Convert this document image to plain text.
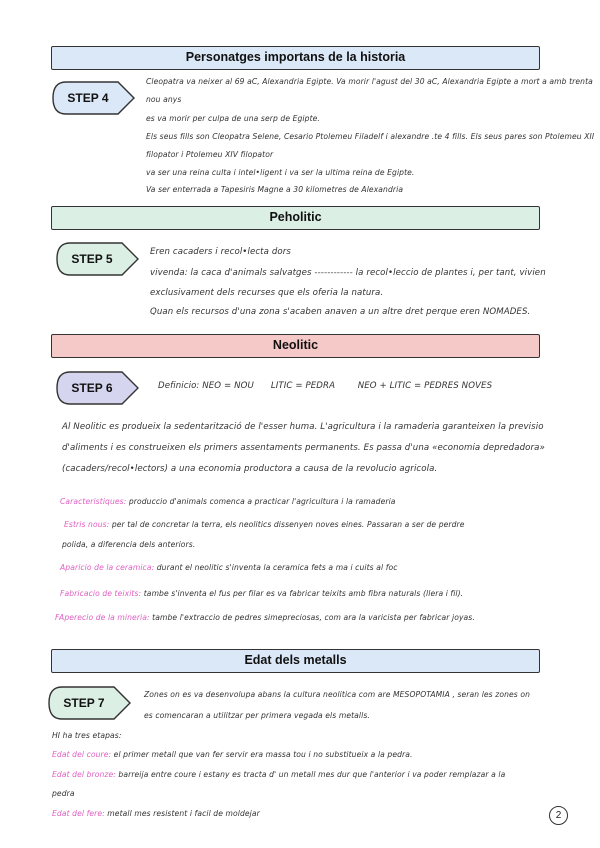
Personatges importans de la historia
Peholitic
Neolitic
Edat dels metalls
STEP 4
STEP 5
STEP 6
STEP 7
Cleopatra va neixer al 69 aC, Alexandria Egipte. Va morir l'agust del 30 aC, Alexandria Egipte a mort a amb trenta
nou anys
es va morir per culpa de una serp de Egipte.
Els seus fills son Cleopatra Selene, Cesario Ptolemeu Filadelf i alexandre .te 4 fills. Els seus pares son Ptolemeu XII
filopator i Ptolemeu XIV filopator
va ser una reina culta i intel•ligent i va ser la ultima reina de Egipte.
Va ser enterrada a Tapesiris Magne a 30 kilometres de Alexandria
Eren cacaders i recol•lecta dors
vivenda: la caca d'animals salvatges ------------ la recol•leccio de plantes i, per tant, vivien
exclusivament dels recurses que els oferia la natura.
Quan els recursos d'una zona s'acaben anaven a un altre dret perque eren NOMADES.
Definicio: NEO = NOU      LITIC = PEDRA        NEO + LITIC = PEDRES NOVES
Al Neolitic es produeix la sedentarització de l'esser huma. L'agricultura i la ramaderia garanteixen la previsio
d'aliments i es construeixen els primers assentaments permanents. Es passa d'una «economia depredadora»
(cacaders/recol•lectors) a una economia productora a causa de la revolucio agricola.
Caracteristiques: produccio d'animals comenca a practicar l'agricultura i la ramaderia
Estris nous: per tal de concretar la terra, els neolitics dissenyen noves eines. Passaran a ser de perdre
polida, a diferencia dels anteriors.
Aparicio de la ceramica: durant el neolitic s'inventa la ceramica fets a ma i cuits al foc
Fabricacio de teixits: tambe s'inventa el fus per filar es va fabricar teixits amb fibra naturals (llera i fil).
FAperecio de la mineria: tambe l'extraccio de pedres simepreciosas, com ara la varicista per fabricar joyas.
Zones on es va desenvolupa abans la cultura neolitica com are MESOPOTAMIA , seran les zones on
es comencaran a utilitzar per primera vegada els metalls.
HI ha tres etapas:
Edat del coure: el primer metall que van fer servir era massa tou i no substitueix a la pedra.
Edat del bronze: barreija entre coure i estany es tracta d' un metall mes dur que l'anterior i va poder remplazar a la
pedra
Edat del fere: metall mes resistent i facil de moldejar	2
